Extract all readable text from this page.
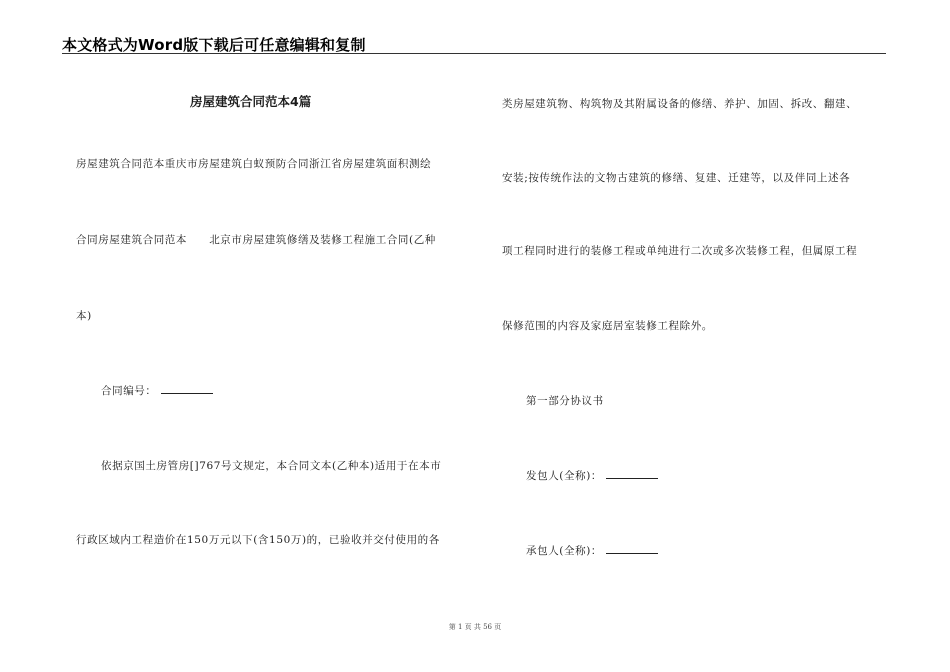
本文格式为Word版下载后可任意编辑和复制
房屋建筑合同范本4篇
房屋建筑合同范本重庆市房屋建筑白蚁预防合同浙江省房屋建筑面积测绘
合同房屋建筑合同范本　　北京市房屋建筑修缮及装修工程施工合同(乙种
本)
合同编号：
依据京国土房管房[]767号文规定，本合同文本(乙种本)适用于在本市
行政区域内工程造价在150万元以下(含150万)的，已验收并交付使用的各
类房屋建筑物、构筑物及其附属设备的修缮、养护、加固、拆改、翻建、
安装;按传统作法的文物古建筑的修缮、复建、迁建等，以及伴同上述各
项工程同时进行的装修工程或单纯进行二次或多次装修工程，但属原工程
保修范围的内容及家庭居室装修工程除外。
第一部分协议书
发包人(全称)：
承包人(全称)：
第 1 页 共 56 页
